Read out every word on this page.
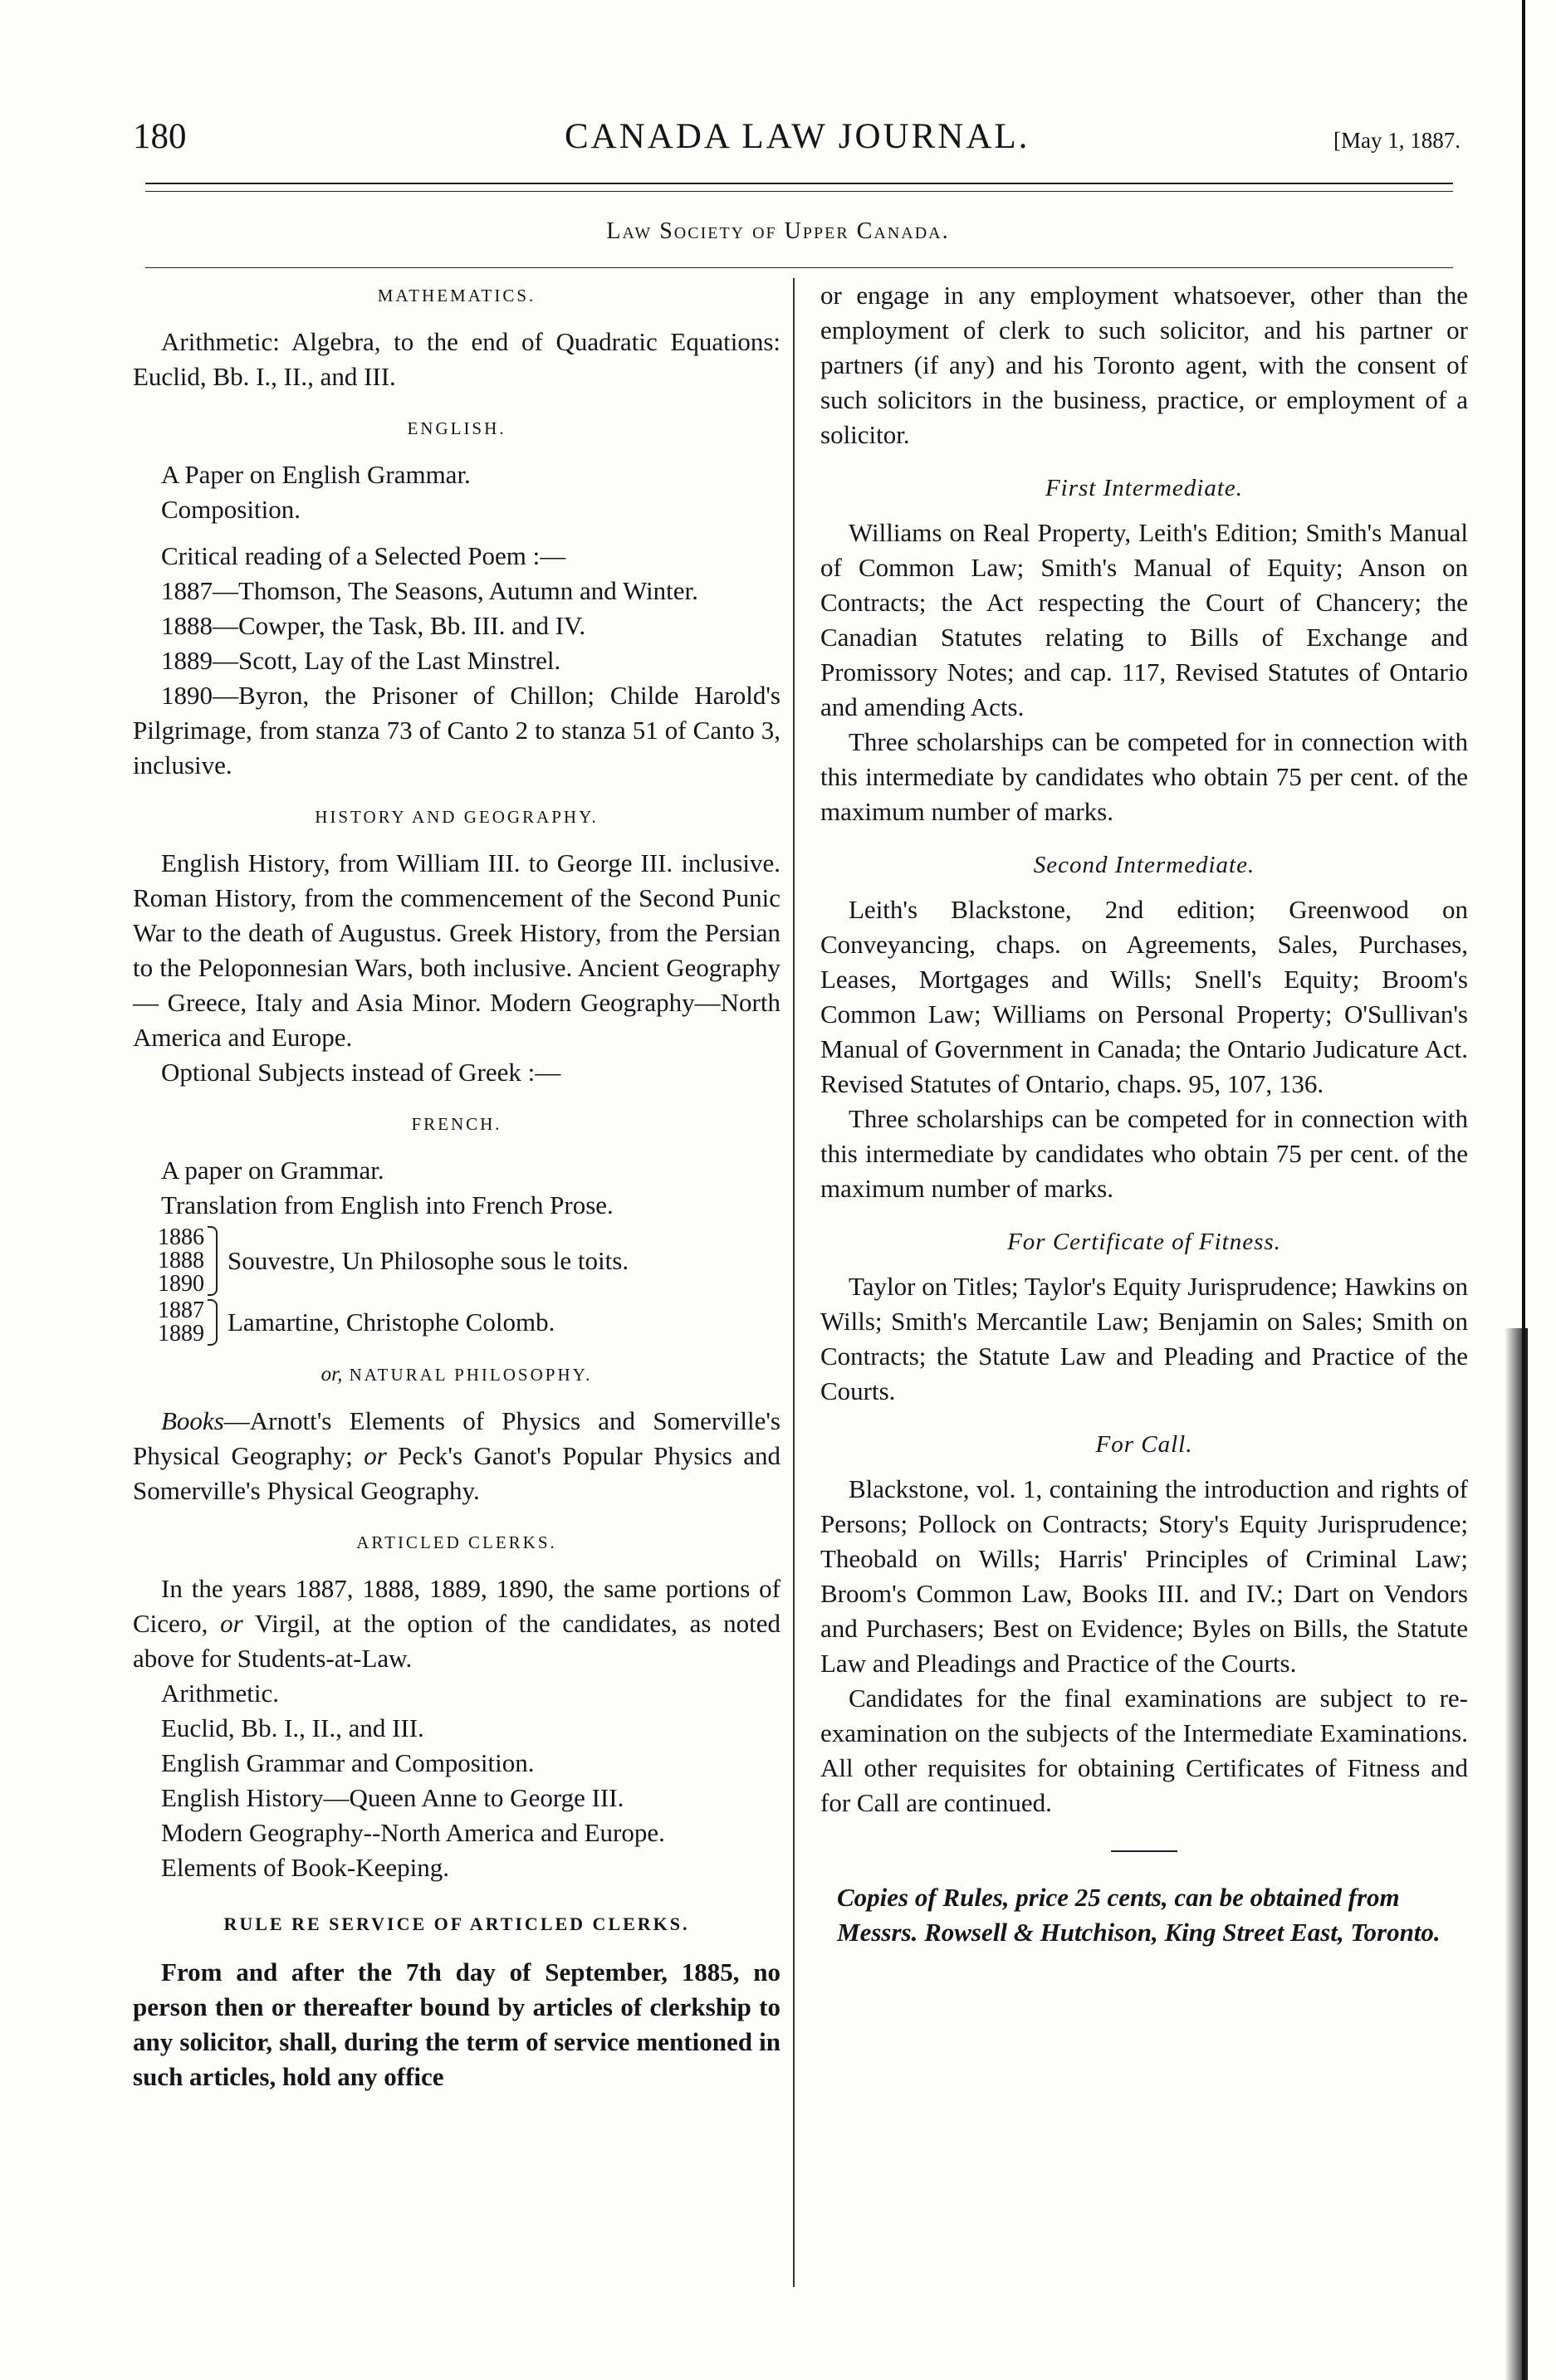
180	CANADA LAW JOURNAL.	[May 1, 1887.
Law Society of Upper Canada.
MATHEMATICS.

Arithmetic: Algebra, to the end of Quadratic Equations: Euclid, Bb. I., II., and III.

ENGLISH.

A Paper on English Grammar.

Composition.

Critical reading of a Selected Poem :—

1887—Thomson, The Seasons, Autumn and Winter.

1888—Cowper, the Task, Bb. III. and IV.

1889—Scott, Lay of the Last Minstrel.

1890—Byron, the Prisoner of Chillon; Childe Harold's Pilgrimage, from stanza 73 of Canto 2 to stanza 51 of Canto 3, inclusive.

HISTORY AND GEOGRAPHY.

English History, from William III. to George III. inclusive. Roman History, from the commencement of the Second Punic War to the death of Augustus. Greek History, from the Persian to the Peloponnesian Wars, both inclusive. Ancient Geography — Greece, Italy and Asia Minor. Modern Geography—North America and Europe.

Optional Subjects instead of Greek :—

FRENCH.

A paper on Grammar.

Translation from English into French Prose.

1886
1888
1890
Souvestre, Un Philosophe sous le toits.
1887
1889 Lamartine, Christophe Colomb.
or, NATURAL PHILOSOPHY.

Books—Arnott's Elements of Physics and Somerville's Physical Geography; or Peck's Ganot's Popular Physics and Somerville's Physical Geography.

ARTICLED CLERKS.

In the years 1887, 1888, 1889, 1890, the same portions of Cicero, or Virgil, at the option of the candidates, as noted above for Students-at-Law.

Arithmetic.

Euclid, Bb. I., II., and III.

English Grammar and Composition.

English History—Queen Anne to George III.

Modern Geography--North America and Europe.

Elements of Book-Keeping.

RULE RE SERVICE OF ARTICLED CLERKS.

From and after the 7th day of September, 1885, no person then or thereafter bound by articles of clerkship to any solicitor, shall, during the term of service mentioned in such articles, hold any office

or engage in any employment whatsoever, other than the employment of clerk to such solicitor, and his partner or partners (if any) and his Toronto agent, with the consent of such solicitors in the business, practice, or employment of a solicitor.

First Intermediate.

Williams on Real Property, Leith's Edition; Smith's Manual of Common Law; Smith's Manual of Equity; Anson on Contracts; the Act respecting the Court of Chancery; the Canadian Statutes relating to Bills of Exchange and Promissory Notes; and cap. 117, Revised Statutes of Ontario and amending Acts.

Three scholarships can be competed for in connection with this intermediate by candidates who obtain 75 per cent. of the maximum number of marks.

Second Intermediate.

Leith's Blackstone, 2nd edition; Greenwood on Conveyancing, chaps. on Agreements, Sales, Purchases, Leases, Mortgages and Wills; Snell's Equity; Broom's Common Law; Williams on Personal Property; O'Sullivan's Manual of Government in Canada; the Ontario Judicature Act. Revised Statutes of Ontario, chaps. 95, 107, 136.

Three scholarships can be competed for in connection with this intermediate by candidates who obtain 75 per cent. of the maximum number of marks.

For Certificate of Fitness.

Taylor on Titles; Taylor's Equity Jurisprudence; Hawkins on Wills; Smith's Mercantile Law; Benjamin on Sales; Smith on Contracts; the Statute Law and Pleading and Practice of the Courts.

For Call.

Blackstone, vol. 1, containing the introduction and rights of Persons; Pollock on Contracts; Story's Equity Jurisprudence; Theobald on Wills; Harris' Principles of Criminal Law; Broom's Common Law, Books III. and IV.; Dart on Vendors and Purchasers; Best on Evidence; Byles on Bills, the Statute Law and Pleadings and Practice of the Courts.

Candidates for the final examinations are subject to re-examination on the subjects of the Intermediate Examinations. All other requisites for obtaining Certificates of Fitness and for Call are continued.

Copies of Rules, price 25 cents, can be obtained from Messrs. Rowsell & Hutchison, King Street East, Toronto.
